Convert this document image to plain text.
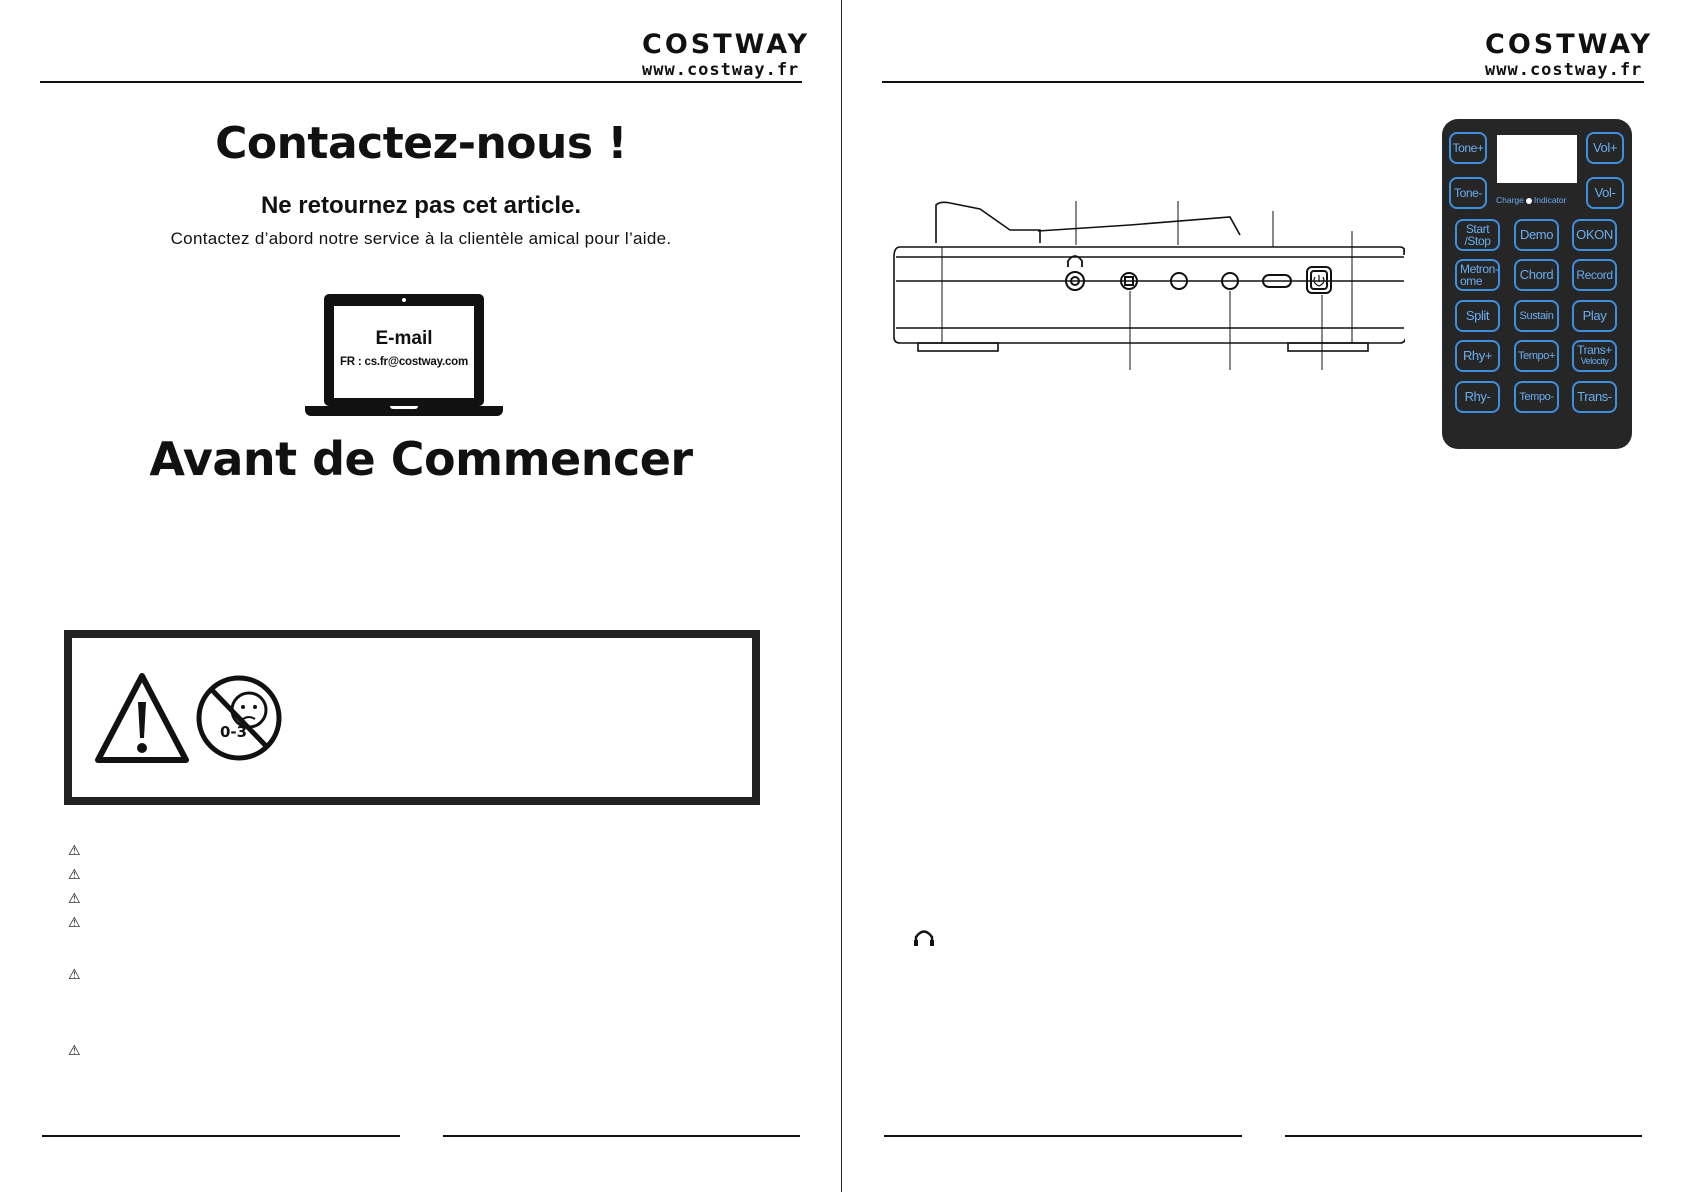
COSTWAY
www.costway.fr
Contactez-nous !
Ne retournez pas cet article.
Contactez d’abord notre service à la clientèle amical pour l’aide.
E-mail
FR : cs.fr@costway.com
Avant de Commencer
0-3
⚠
⚠
⚠
⚠
⚠
⚠
COSTWAY
www.costway.fr
Charge Indicator
Tone+	Vol+
Tone-	Vol-
Start
/Stop	Demo	OKON
Metron-
ome	Chord	Record
Split	Sustain	Play
Rhy+	Tempo+	Trans+
Velocity
Rhy-	Tempo-	Trans-
